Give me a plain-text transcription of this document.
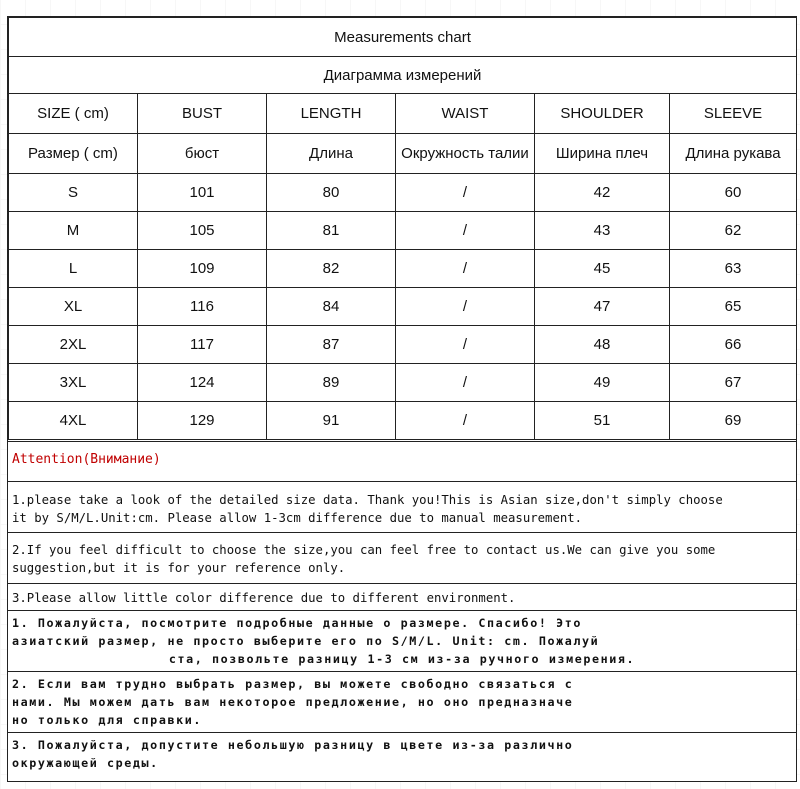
Measurements chart					
Диаграмма измерений					
SIZE ( cm)	BUST	LENGTH	WAIST	SHOULDER	SLEEVE
Размер ( cm)	бюст	Длина	Окружность талии	Ширина плеч	Длина рукава
S	101	80	/	42	60
M	105	81	/	43	62
L	109	82	/	45	63
XL	116	84	/	47	65
2XL	117	87	/	48	66
3XL	124	89	/	49	67
4XL	129	91	/	51	69
Attention(Внимание)
1.please take a look of the detailed size data. Thank you!This is Asian size,don't simply choose
it by S/M/L.Unit:cm. Please allow 1-3cm difference due to manual measurement.
2.If you feel difficult to choose the size,you can feel free to contact us.We can give you some
suggestion,but it is for your reference only.
3.Please allow little color difference due to different environment.
1. Пожалуйста, посмотрите подробные данные о размере. Спасибо! Это
азиатский размер, не просто выберите его по S/M/L. Unit: cm. Пожалуй
ста, позвольте разницу 1-3 см из-за ручного измерения.
2. Если вам трудно выбрать размер, вы можете свободно связаться с
нами. Мы можем дать вам некоторое предложение, но оно предназначе
но только для справки.
3. Пожалуйста, допустите небольшую разницу в цвете из-за различно
окружающей среды.
